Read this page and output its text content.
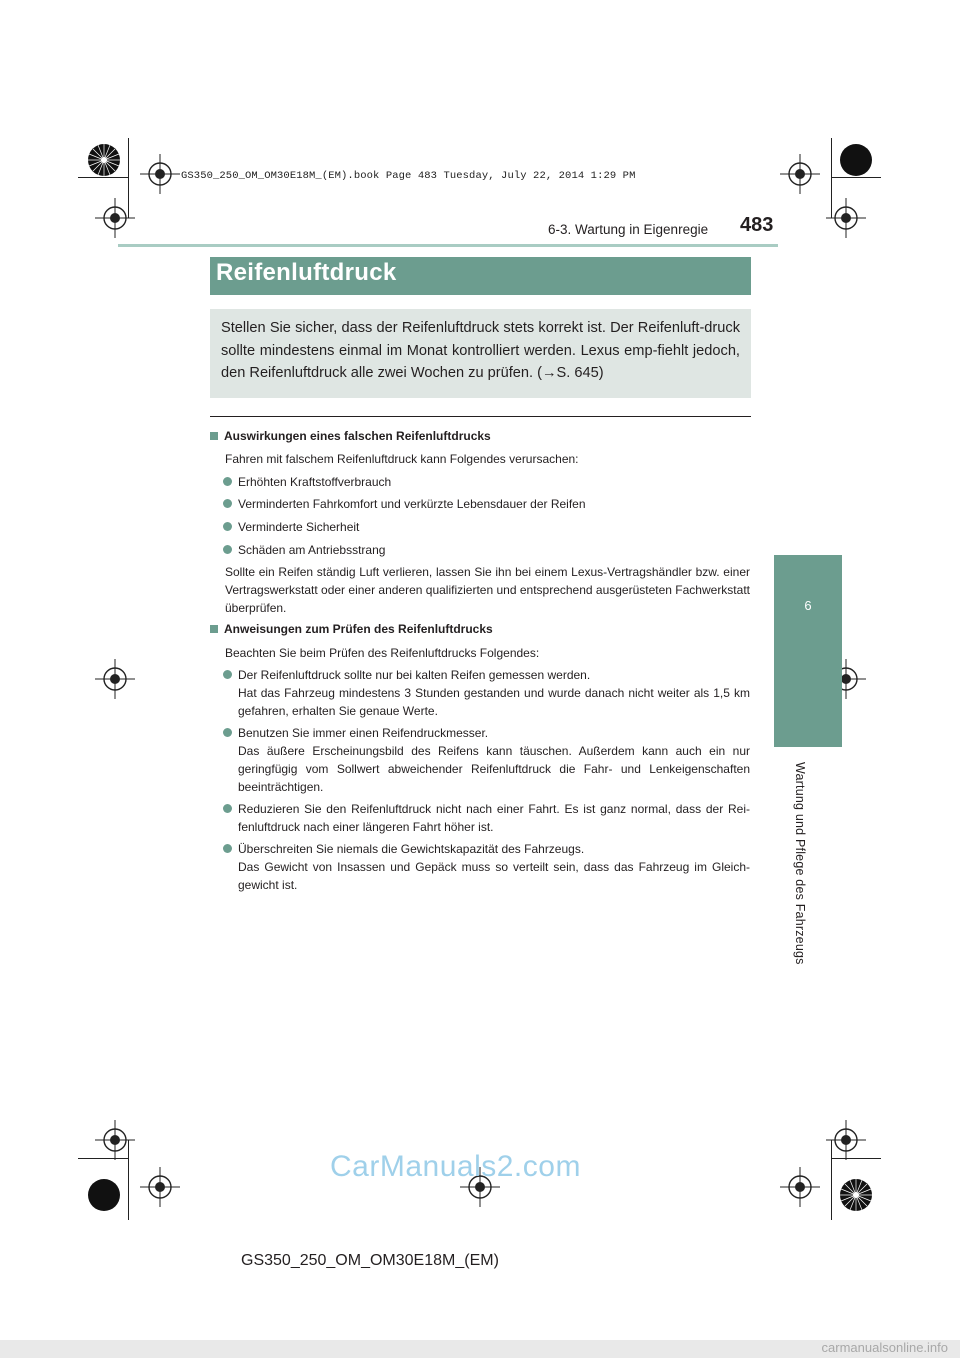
GS350_250_OM_OM30E18M_(EM).book Page 483 Tuesday, July 22, 2014 1:29 PM
6-3. Wartung in Eigenregie 483
6
Wartung und Pflege des Fahrzeugs
Reifenluftdruck
Stellen Sie sicher, dass der Reifenluftdruck stets korrekt ist. Der Reifenluft-druck sollte mindestens einmal im Monat kontrolliert werden. Lexus emp-fiehlt jedoch, den Reifenluftdruck alle zwei Wochen zu prüfen. (→S. 645)
Auswirkungen eines falschen Reifenluftdrucks
Fahren mit falschem Reifenluftdruck kann Folgendes verursachen:
Erhöhten Kraftstoffverbrauch
Verminderten Fahrkomfort und verkürzte Lebensdauer der Reifen
Verminderte Sicherheit
Schäden am Antriebsstrang
Sollte ein Reifen ständig Luft verlieren, lassen Sie ihn bei einem Lexus-Vertragshändler bzw. einer Vertragswerkstatt oder einer anderen qualifizierten und entsprechend ausgerüsteten Fachwerkstatt überprüfen.
Anweisungen zum Prüfen des Reifenluftdrucks
Beachten Sie beim Prüfen des Reifenluftdrucks Folgendes:
Der Reifenluftdruck sollte nur bei kalten Reifen gemessen werden.
Hat das Fahrzeug mindestens 3 Stunden gestanden und wurde danach nicht weiter als 1,5 km gefahren, erhalten Sie genaue Werte.
Benutzen Sie immer einen Reifendruckmesser.
Das äußere Erscheinungsbild des Reifens kann täuschen. Außerdem kann auch ein nur geringfügig vom Sollwert abweichender Reifenluftdruck die Fahr- und Lenkeigenschaften beeinträchtigen.
Reduzieren Sie den Reifenluftdruck nicht nach einer Fahrt. Es ist ganz normal, dass der Rei-fenluftdruck nach einer längeren Fahrt höher ist.
Überschreiten Sie niemals die Gewichtskapazität des Fahrzeugs.
Das Gewicht von Insassen und Gepäck muss so verteilt sein, dass das Fahrzeug im Gleich-gewicht ist.
CarManuals2.com
GS350_250_OM_OM30E18M_(EM)
carmanualsonline.info
